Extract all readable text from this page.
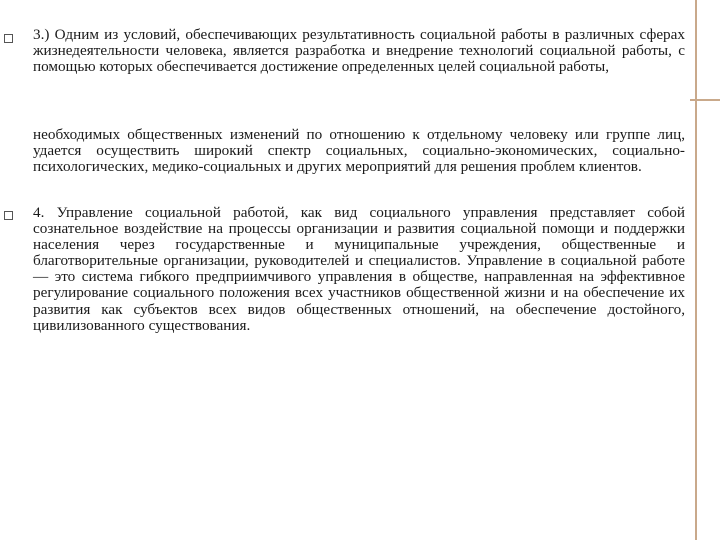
3.) Одним из условий, обеспечивающих результативность социальной работы в различных сферах жизнедеятельности человека, является разработка и внедрение технологий социальной работы, с помощью которых обеспечивается достижение определенных целей социальной работы,

необходимых общественных изменений по отношению к отдельному человеку или группе лиц, удается осуществить широкий спектр социальных, социально-экономических, социально-психологических, медико-социальных и других мероприятий для решения проблем клиентов.

4. Управление социальной работой, как вид социального управления представляет собой сознательное воздействие на процессы организации и развития социальной помощи и поддержки населения через государственные и муниципальные учреждения, общественные и благотворительные организации, руководителей и специалистов. Управление в социальной работе — это система гибкого предприимчивого управления в обществе, направленная на эффективное регулирование социального положения всех участников общественной жизни и на обеспечение их развития как субъектов всех видов общественных отношений, на обеспечение достойного, цивилизованного существования.
